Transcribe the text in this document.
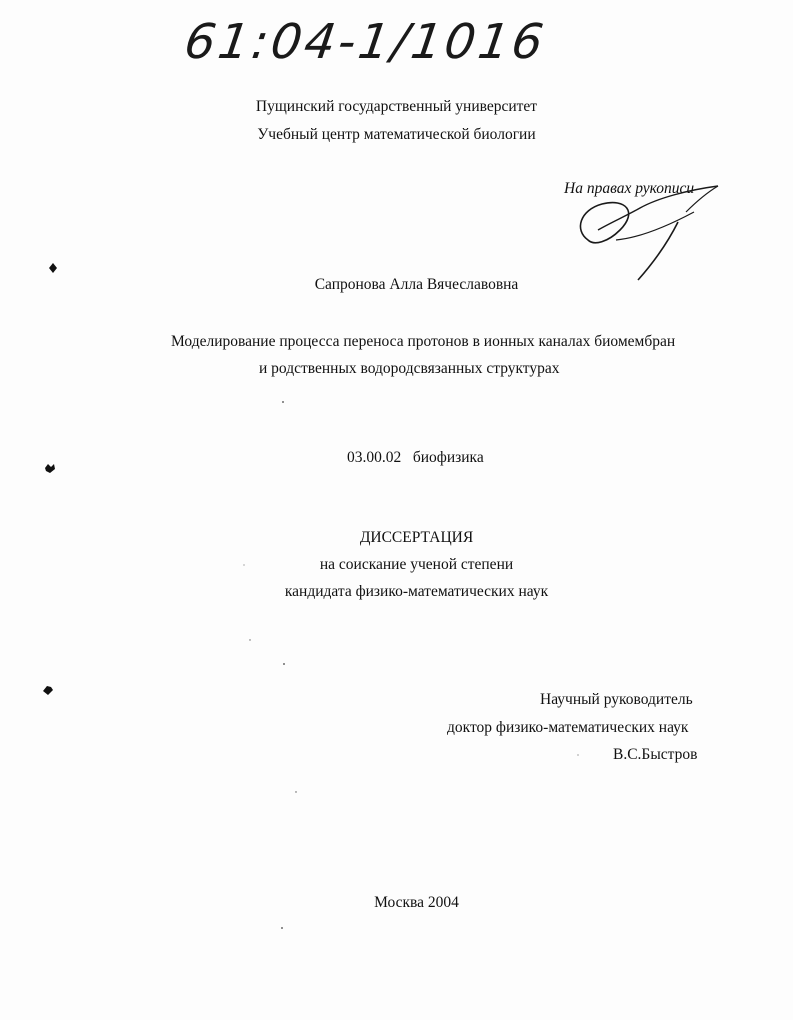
61:04-1/1016
Пущинский государственный университет
Учебный центр математической биологии
На правах рукописи
Сапронова Алла Вячеславовна
Моделирование процесса переноса протонов в ионных каналах биомембран
и родственных водородсвязанных структурах
03.00.02   биофизика
ДИССЕРТАЦИЯ
на соискание ученой степени
кандидата физико-математических наук
Научный руководитель
доктор физико-математических наук
В.С.Быстров
Москва 2004
